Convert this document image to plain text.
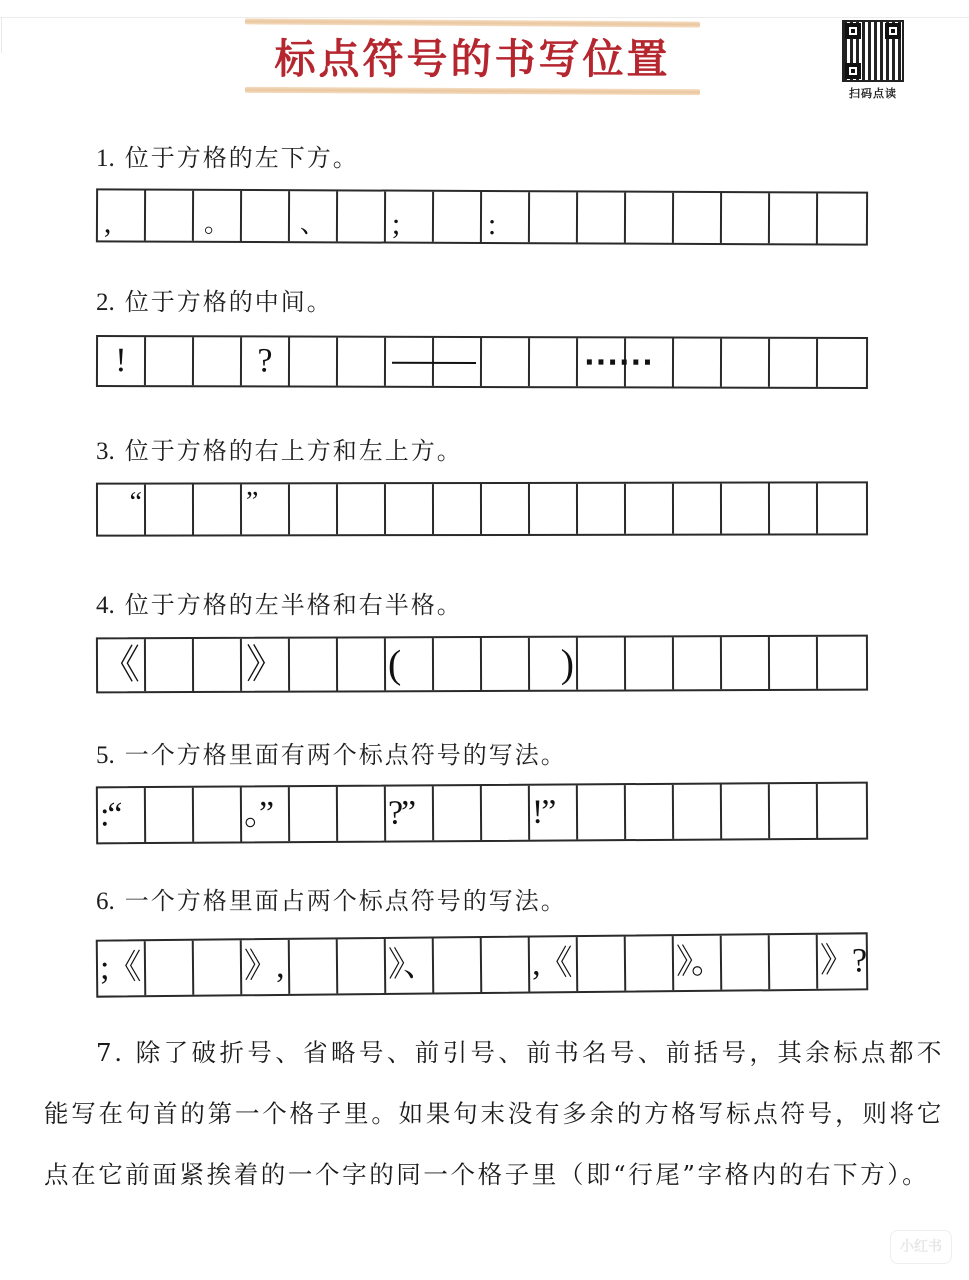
标点符号的书写位置
扫码点读
1. 位于方格的左下方。
,	。	、 ;	:
2. 位于方格的中间。
!	?	······
3. 位于方格的右上方和左上方。
“	”
4. 位于方格的左半格和右半格。
《	》	(	)
5. 一个方格里面有两个标点符号的写法。
:“	。”	?”	!”
6. 一个方格里面占两个标点符号的写法。
;《	》,	》、	,《	》。	》?
7. 除了破折号、省略号、前引号、前书名号、前括号，其余标点都不能写在句首的第一个格子里。如果句末没有多余的方格写标点符号，则将它点在它前面紧挨着的一个字的同一个格子里（即“行尾”字格内的右下方）。
小红书
